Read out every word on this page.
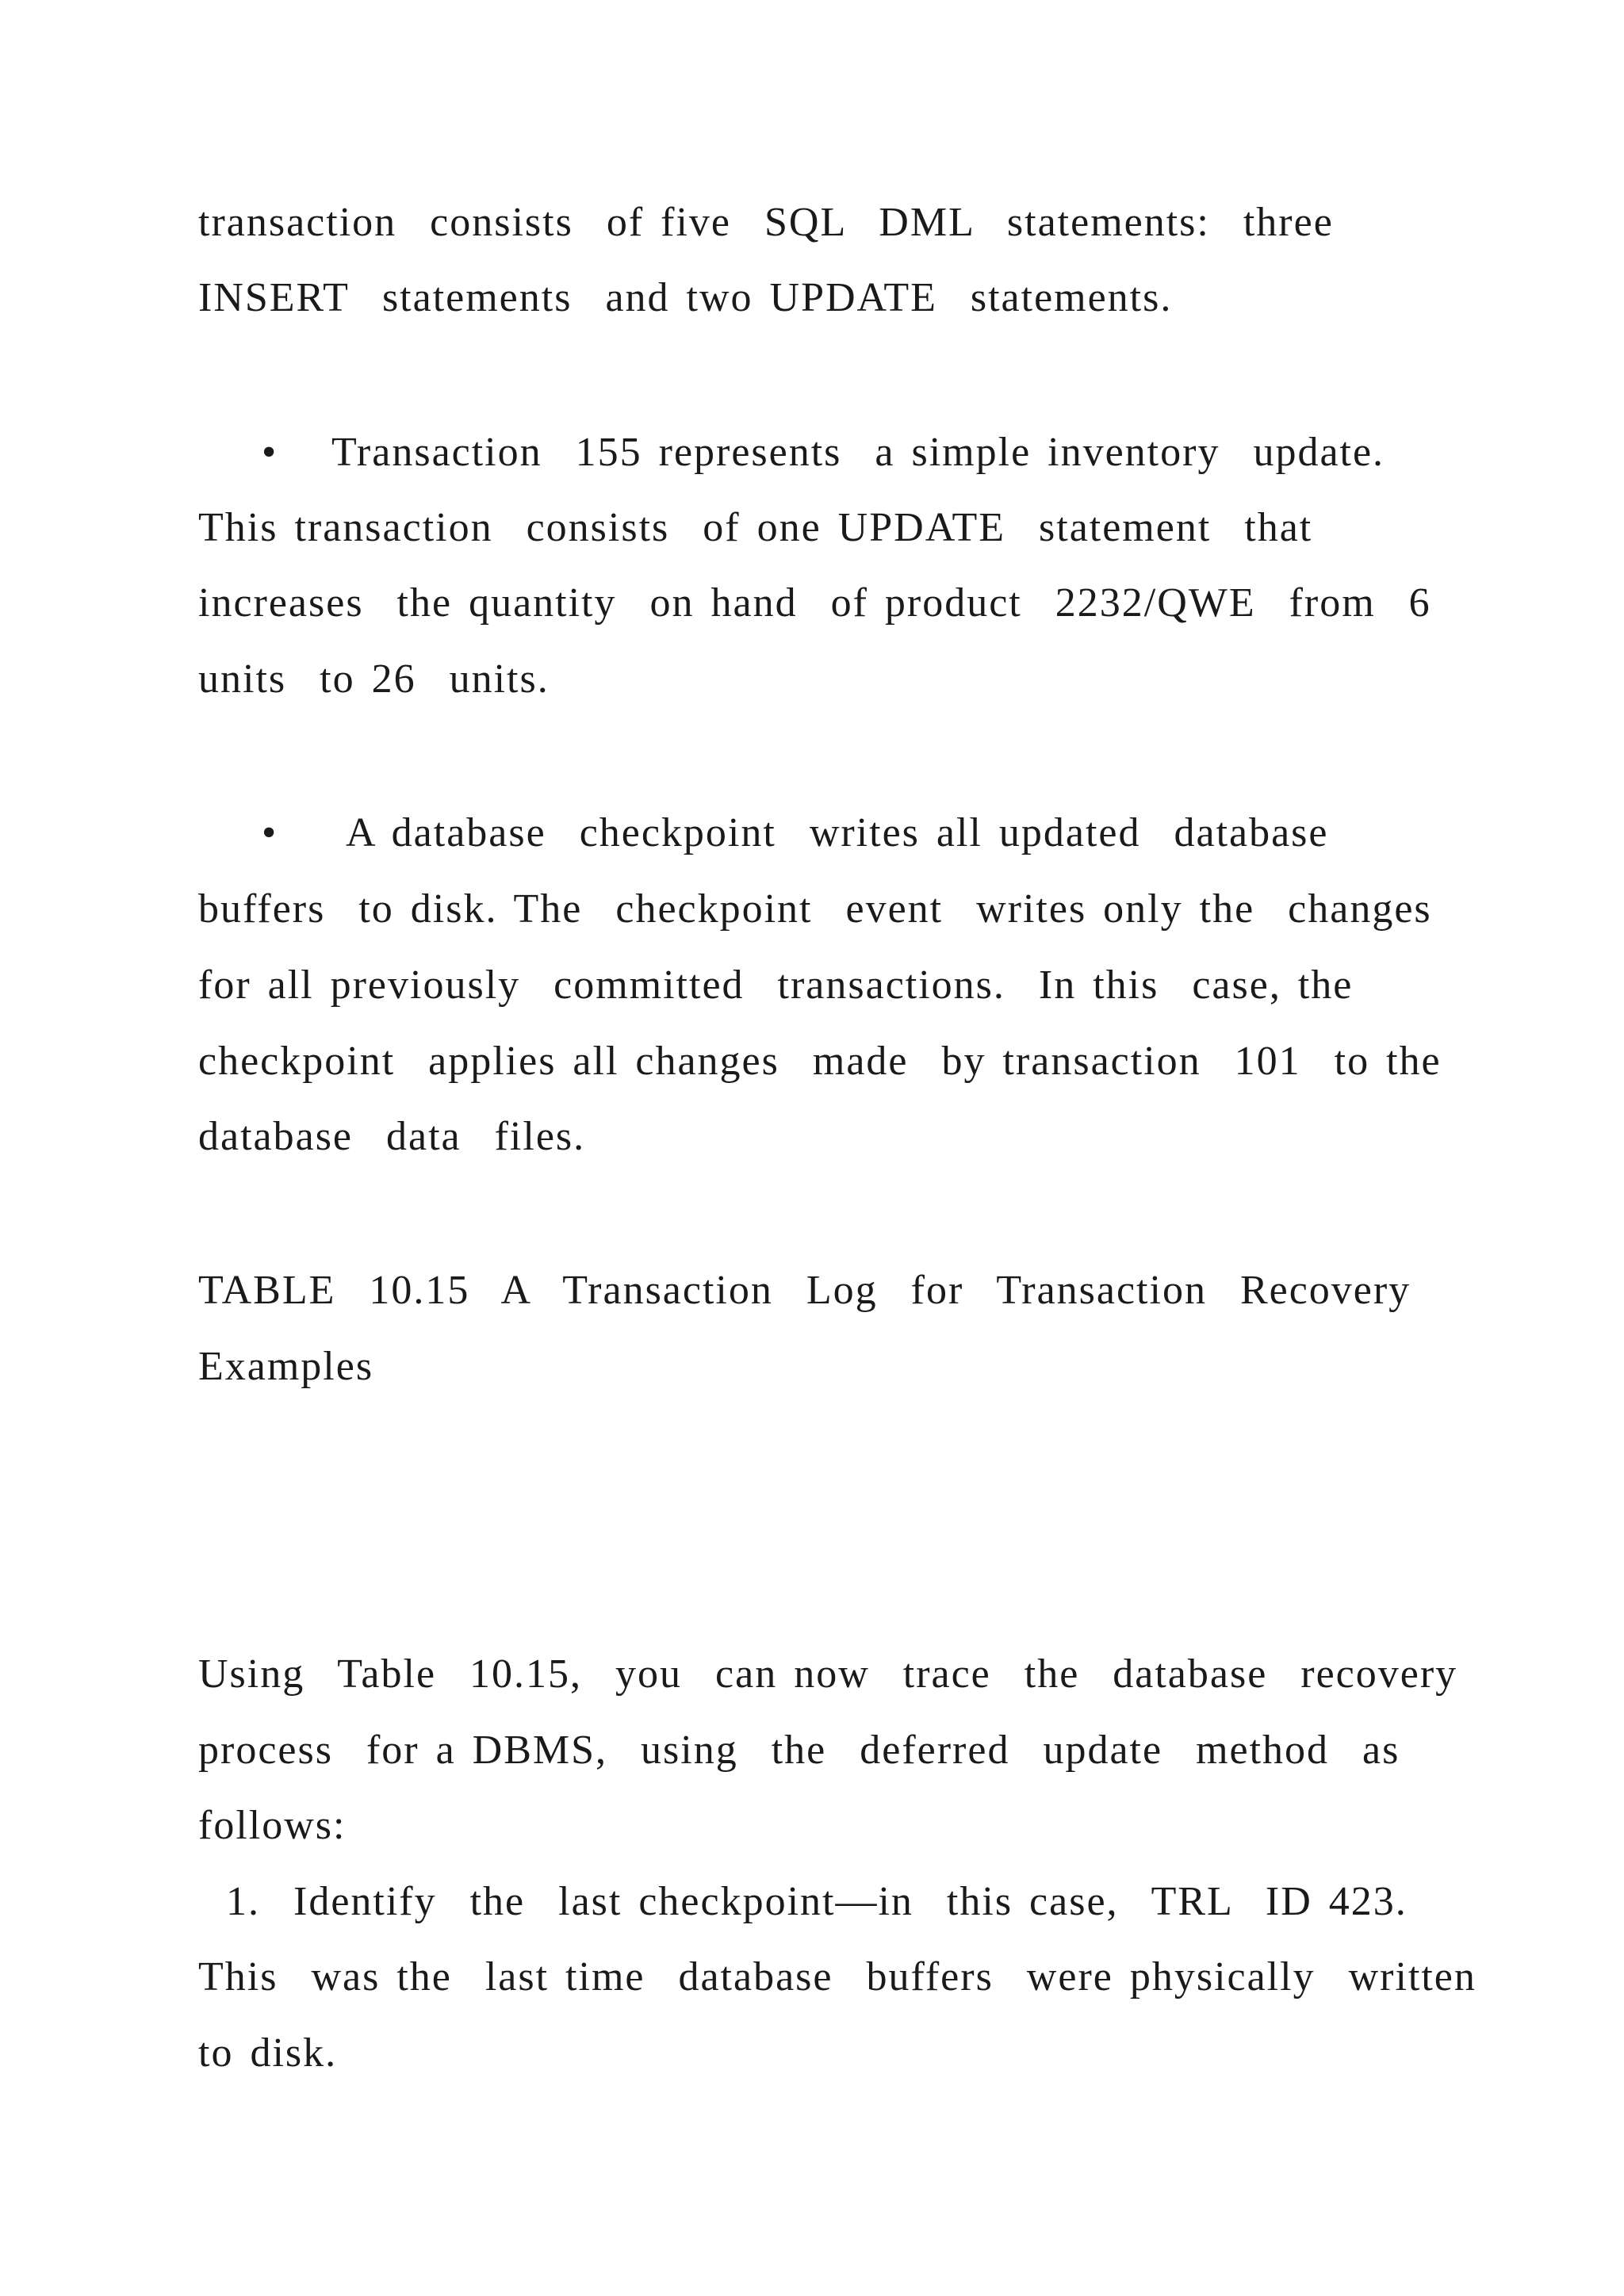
transaction  consists  of five  SQL  DML  statements:  three
INSERT  statements  and two UPDATE  statements.
• Transaction  155 represents  a simple inventory  update.
This transaction  consists  of one UPDATE  statement  that
increases  the quantity  on hand  of product  2232/QWE  from  6
units  to 26  units.
• A database  checkpoint  writes all updated  database
buffers  to disk. The  checkpoint  event  writes only the  changes
for all previously  committed  transactions.  In this  case, the
checkpoint  applies all changes  made  by transaction  101  to the
database  data  files.
TABLE  10.15  A  Transaction  Log  for  Transaction  Recovery
Examples
Using  Table  10.15,  you  can now  trace  the  database  recovery
process  for a DBMS,  using  the  deferred  update  method  as
follows:
1.  Identify  the  last checkpoint—in  this case,  TRL  ID 423.
This  was the  last time  database  buffers  were physically  written
to disk.
